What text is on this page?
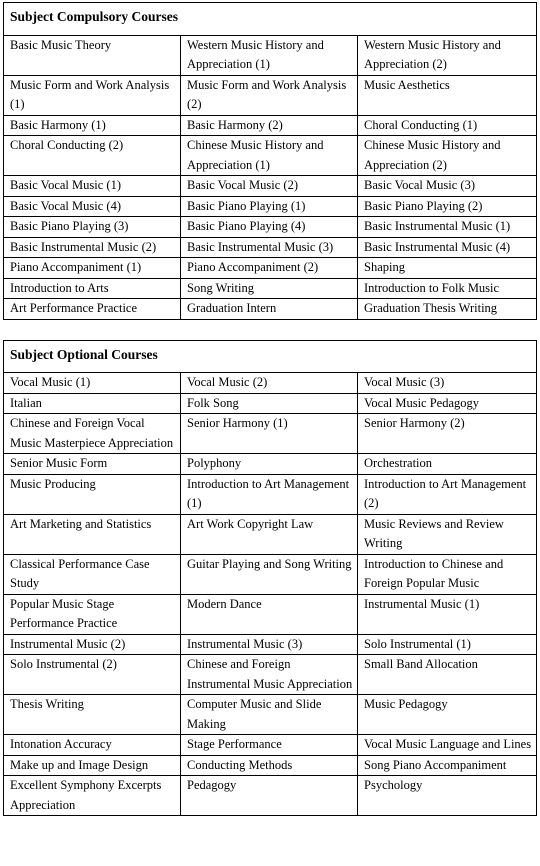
Subject Compulsory Courses		
Basic Music Theory	Western Music History and Appreciation (1)	Western Music History and Appreciation (2)
Music Form and Work Analysis (1)	Music Form and Work Analysis (2)	Music Aesthetics
Basic Harmony (1)	Basic Harmony (2)	Choral Conducting (1)
Choral Conducting (2)	Chinese Music History and Appreciation (1)	Chinese Music History and Appreciation (2)
Basic Vocal Music (1)	Basic Vocal Music (2)	Basic Vocal Music (3)
Basic Vocal Music (4)	Basic Piano Playing (1)	Basic Piano Playing (2)
Basic Piano Playing (3)	Basic Piano Playing (4)	Basic Instrumental Music (1)
Basic Instrumental Music (2)	Basic Instrumental Music (3)	Basic Instrumental Music (4)
Piano Accompaniment (1)	Piano Accompaniment (2)	Shaping
Introduction to Arts	Song Writing	Introduction to Folk Music
Art Performance Practice	Graduation Intern	Graduation Thesis Writing
Subject Optional Courses		
Vocal Music (1)	Vocal Music (2)	Vocal Music (3)
Italian	Folk Song	Vocal Music Pedagogy
Chinese and Foreign Vocal Music Masterpiece Appreciation	Senior Harmony (1)	Senior Harmony (2)
Senior Music Form	Polyphony	Orchestration
Music Producing	Introduction to Art Management (1)	Introduction to Art Management (2)
Art Marketing and Statistics	Art Work Copyright Law	Music Reviews and Review Writing
Classical Performance Case Study	Guitar Playing and Song Writing	Introduction to Chinese and Foreign Popular Music
Popular Music Stage Performance Practice	Modern Dance	Instrumental Music (1)
Instrumental Music (2)	Instrumental Music (3)	Solo Instrumental (1)
Solo Instrumental (2)	Chinese and Foreign Instrumental Music Appreciation	Small Band Allocation
Thesis Writing	Computer Music and Slide Making	Music Pedagogy
Intonation Accuracy	Stage Performance	Vocal Music Language and Lines
Make up and Image Design	Conducting Methods	Song Piano Accompaniment
Excellent Symphony Excerpts Appreciation	Pedagogy	Psychology
